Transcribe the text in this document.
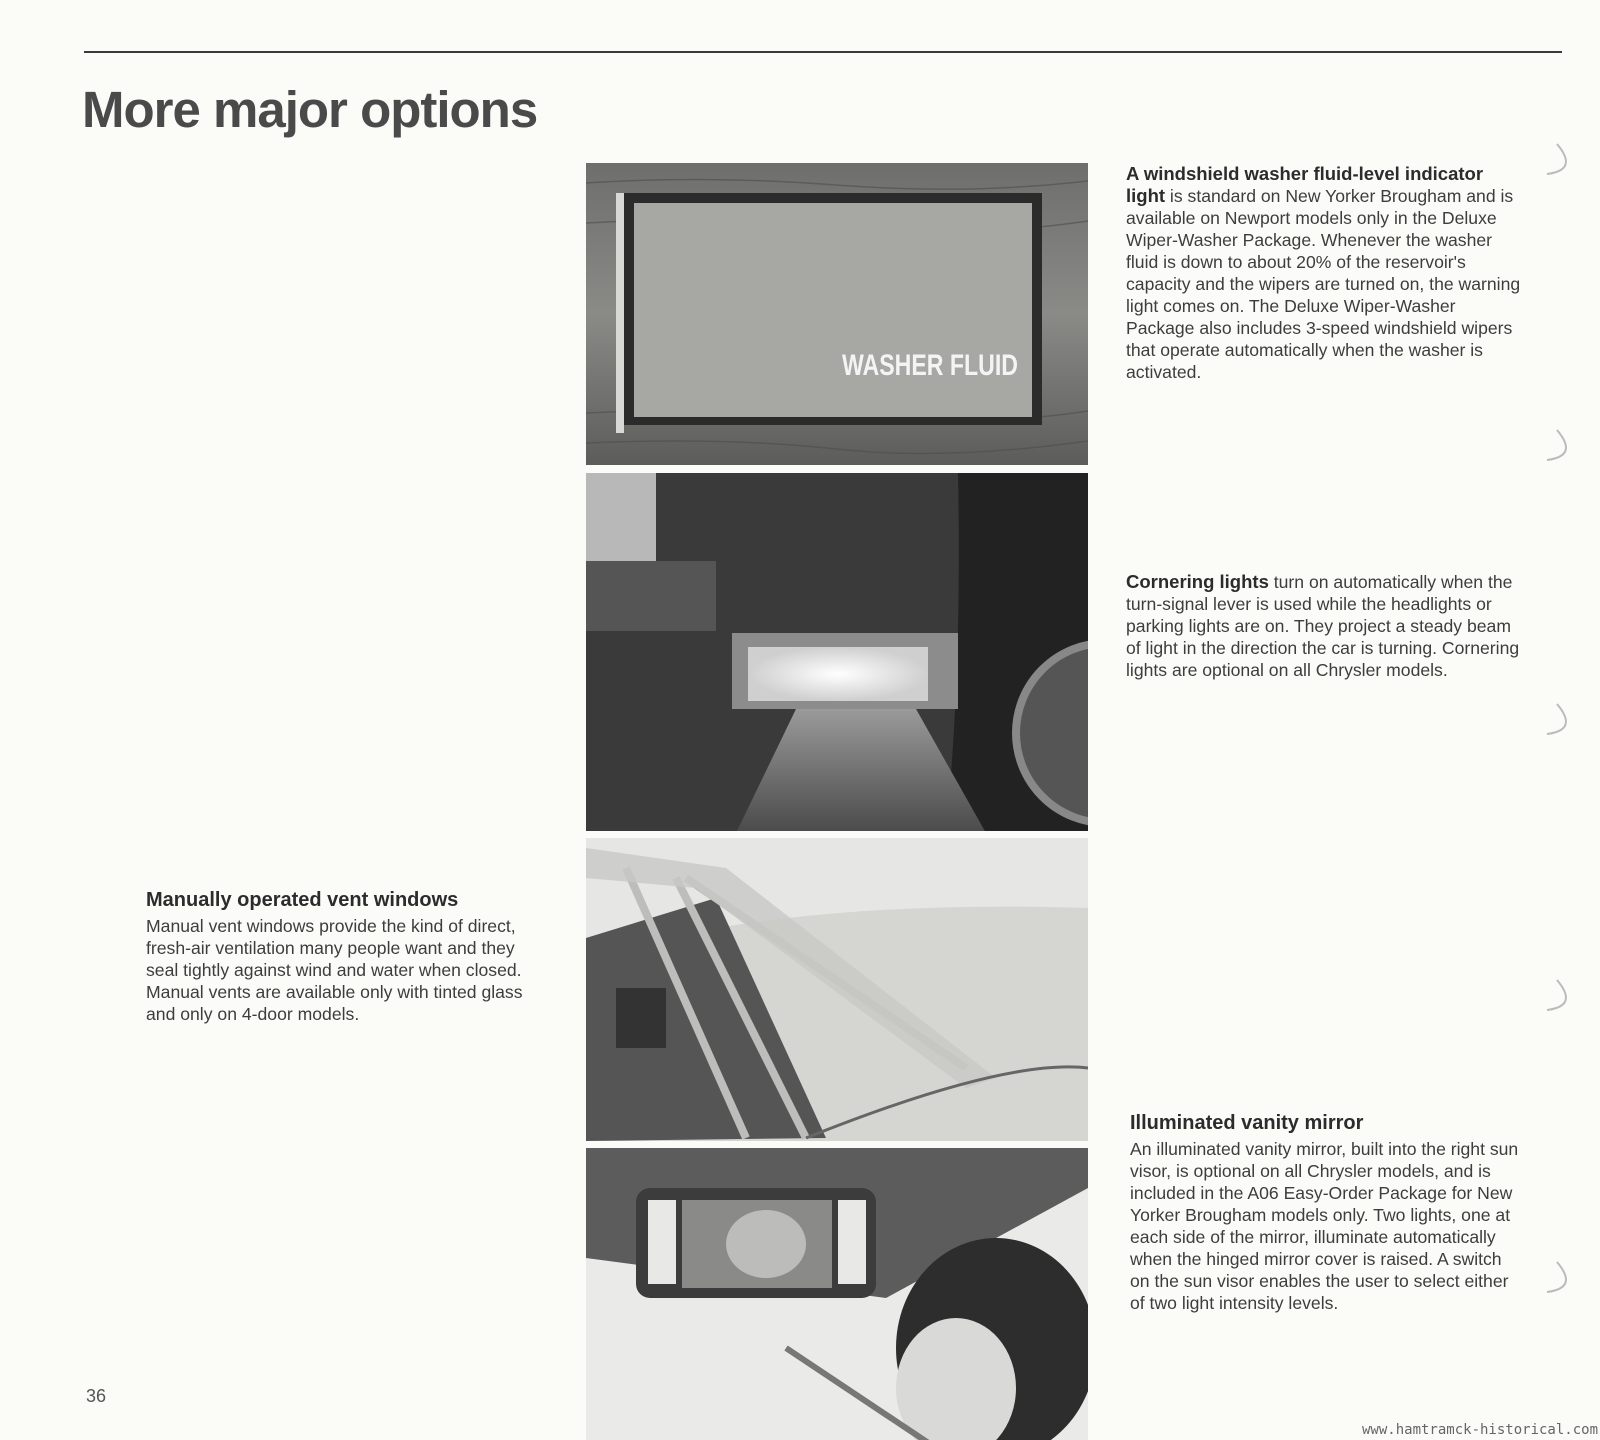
More major options
WASHER FLUID

A windshield washer fluid-level indicator light is standard on New Yorker Brougham and is available on Newport models only in the Deluxe Wiper-Washer Package. Whenever the washer fluid is down to about 20% of the reservoir's capacity and the wipers are turned on, the warning light comes on. The Deluxe Wiper-Washer Package also includes 3-speed windshield wipers that operate automatically when the washer is activated.

Cornering lights turn on automatically when the turn-signal lever is used while the headlights or parking lights are on. They project a steady beam of light in the direction the car is turning. Cornering lights are optional on all Chrysler models.

Manually operated vent windows

Manual vent windows provide the kind of direct, fresh-air ventilation many people want and they seal tightly against wind and water when closed. Manual vents are available only with tinted glass and only on 4-door models.

Illuminated vanity mirror

An illuminated vanity mirror, built into the right sun visor, is optional on all Chrysler models, and is included in the A06 Easy-Order Package for New Yorker Brougham models only. Two lights, one at each side of the mirror, illuminate automatically when the hinged mirror cover is raised. A switch on the sun visor enables the user to select either of two light intensity levels.

36
www.hamtramck-historical.com
